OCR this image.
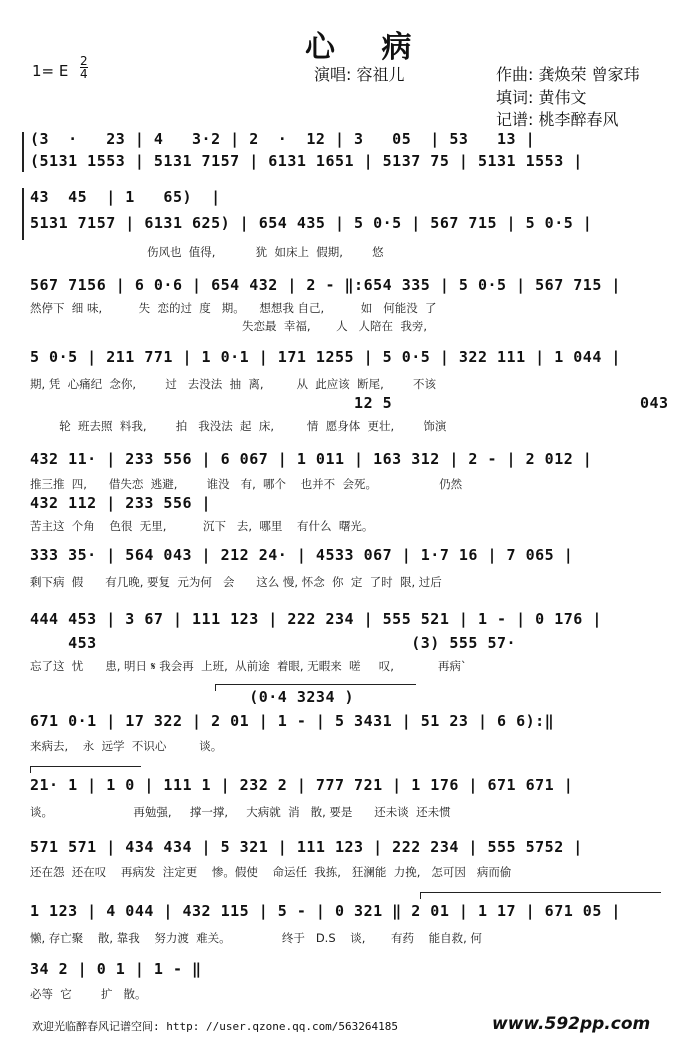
心 病
1= E
2
4	演唱: 容祖儿	作曲: 龚焕荣 曾家玮
填词: 黄伟文
记谱: 桃李醉春风
(3  ·   23 | 4   3·2 | 2  ·  12 | 3   05  | 53   13 |
(5131 1553 | 5131 7157 | 6131 1651 | 5137 75 | 5131 1553 |
43  45  | 1   65)  |
5131 7157 | 6131 625) | 654 435 | 5 0·5 | 567 715 | 5 0·5 |
伤风也  值得,           犹  如床上  假期,        悠
567 7156 | 6 0·6 | 654 432 | 2 - ‖:654 335 | 5 0·5 | 567 715 |
然停下  细 味,          失  恋的过  度   期。    想想我 自己,          如   何能没  了
失恋最  幸福,       人   人陪在  我旁,
5 0·5 | 211 771 | 1 0·1 | 171 1255 | 5 0·5 | 322 111 | 1 044 |
期, 凭  心痛纪  念你,        过   去没法  抽  离,         从  此应该  断尾,        不该
12 5                          043
轮  班去照  料我,        拍   我没法  起  床,         情  愿身体  更壮,        饰演
432 11· | 233 556 | 6 067 | 1 011 | 163 312 | 2 - | 2 012 |
推三推  四,      借失恋  逃避,        谁没   有,  哪个    也并不  会死。                 仍然
432 112 | 233 556 |
苦主这  个角    色很  无里,          沉下   去,  哪里    有什么  曙光。
333 35· | 564 043 | 212 24· | 4533 067 | 1·7 16 | 7 065 |
剩下病  假      有几晚, 要复  元为何   会      这么 慢, 怀念  你  定  了时  限, 过后
444 453 | 3 67 | 111 123 | 222 234 | 555 521 | 1 - | 0 176 |
453                                 (3) 555 57·
忘了这  忧      患, 明日 𝄋 我会再  上班,  从前途  着眼, 无暇来  嗟     叹,            再病`
(0·4 3234 )
671 0·1 | 17 322 | 2 01 | 1 - | 5 3431 | 51 23 | 6 6):‖
来病去,    永  远学  不识心         谈。
21· 1 | 1 0 | 111 1 | 232 2 | 777 721 | 1 176 | 671 671 |
谈。                      再勉强,     撑一撑,     大病就  消   散, 要是      还未谈  还未惯
571 571 | 434 434 | 5 321 | 111 123 | 222 234 | 555 5752 |
还在怨  还在叹    再病发  注定更    惨。假使    命运任  我拣,   狂澜能  力挽,   怎可因   病而偷
1 123 | 4 044 | 432 115 | 5 - | 0 321 ‖ 2 01 | 1 17 | 671 05 |
懒, 存亡聚    散, 靠我    努力渡  难关。              终于   D.S    谈,       有药    能自救, 何
34 2 | 0 1 | 1 - ‖
必等  它        扩   散。
欢迎光临醉春风记谱空间: http: //user.qzone.qq.com/563264185	www.592pp.com
